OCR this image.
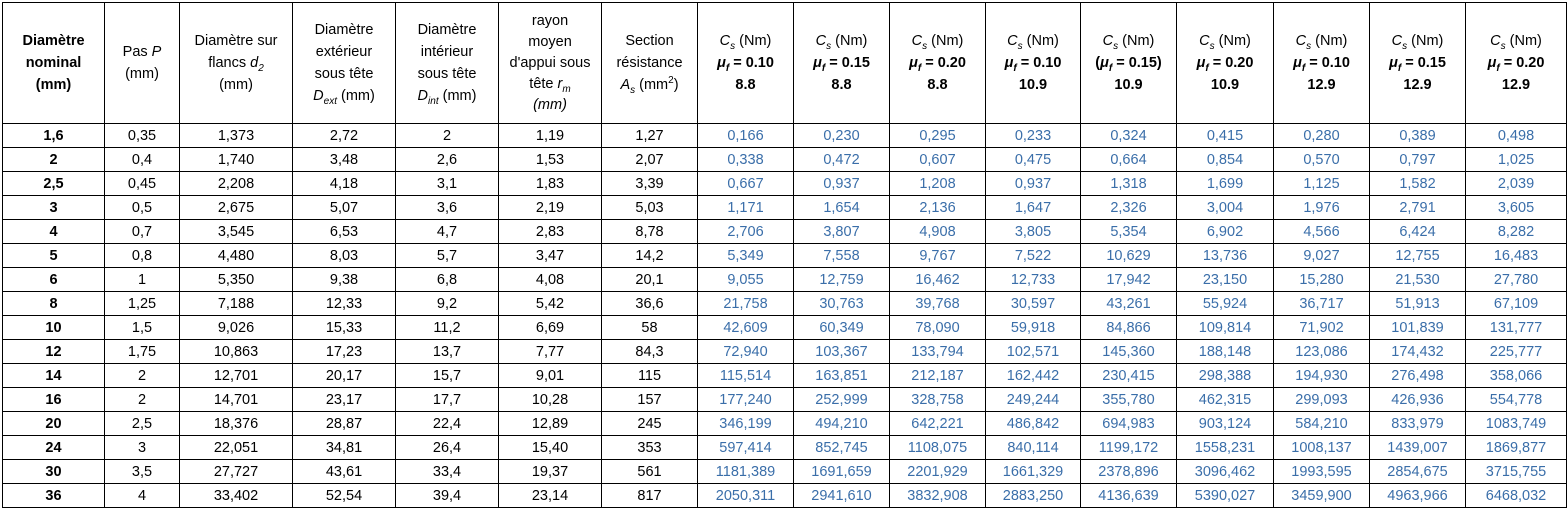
Diamètre
nominal
(mm)	Pas P
(mm)	Diamètre sur
flancs $d_2$
(mm)	Diamètre
extérieur
sous tête
$D_{ext}$ (mm)	Diamètre
intérieur
sous tête
$D_{int}$ (mm)	rayon
moyen
d'appui sous
tête $r_m$
(mm)	Section
résistance
$A_s$ $(mm^2)$	$C_s$ (Nm)
$\mu_f = 0.10$
8.8	$C_s$ (Nm)
$\mu_f = 0.15$
8.8	$C_s$ (Nm)
$\mu_f = 0.20$
8.8	$C_s$ (Nm)
$\mu_f = 0.10$
10.9	$C_s$ (Nm)
$(\mu_f = 0.15)$
10.9	$C_s$ (Nm)
$\mu_f = 0.20$
10.9	$C_s$ (Nm)
$\mu_f = 0.10$
12.9	$C_s$ (Nm)
$\mu_f = 0.15$
12.9	$C_s$ (Nm)
$\mu_f = 0.20$
12.9

1,6	0,35	1,373	2,72	2	1,19	1,27	0,166	0,230	0,295	0,233	0,324	0,415	0,280	0,389	0,498
2	0,4	1,740	3,48	2,6	1,53	2,07	0,338	0,472	0,607	0,475	0,664	0,854	0,570	0,797	1,025
2,5	0,45	2,208	4,18	3,1	1,83	3,39	0,667	0,937	1,208	0,937	1,318	1,699	1,125	1,582	2,039
3	0,5	2,675	5,07	3,6	2,19	5,03	1,171	1,654	2,136	1,647	2,326	3,004	1,976	2,791	3,605
4	0,7	3,545	6,53	4,7	2,83	8,78	2,706	3,807	4,908	3,805	5,354	6,902	4,566	6,424	8,282
5	0,8	4,480	8,03	5,7	3,47	14,2	5,349	7,558	9,767	7,522	10,629	13,736	9,027	12,755	16,483
6	1	5,350	9,38	6,8	4,08	20,1	9,055	12,759	16,462	12,733	17,942	23,150	15,280	21,530	27,780
8	1,25	7,188	12,33	9,2	5,42	36,6	21,758	30,763	39,768	30,597	43,261	55,924	36,717	51,913	67,109
10	1,5	9,026	15,33	11,2	6,69	58	42,609	60,349	78,090	59,918	84,866	109,814	71,902	101,839	131,777
12	1,75	10,863	17,23	13,7	7,77	84,3	72,940	103,367	133,794	102,571	145,360	188,148	123,086	174,432	225,777
14	2	12,701	20,17	15,7	9,01	115	115,514	163,851	212,187	162,442	230,415	298,388	194,930	276,498	358,066
16	2	14,701	23,17	17,7	10,28	157	177,240	252,999	328,758	249,244	355,780	462,315	299,093	426,936	554,778
20	2,5	18,376	28,87	22,4	12,89	245	346,199	494,210	642,221	486,842	694,983	903,124	584,210	833,979	1083,749
24	3	22,051	34,81	26,4	15,40	353	597,414	852,745	1108,075	840,114	1199,172	1558,231	1008,137	1439,007	1869,877
30	3,5	27,727	43,61	33,4	19,37	561	1181,389	1691,659	2201,929	1661,329	2378,896	3096,462	1993,595	2854,675	3715,755
36	4	33,402	52,54	39,4	23,14	817	2050,311	2941,610	3832,908	2883,250	4136,639	5390,027	3459,900	4963,966	6468,032
